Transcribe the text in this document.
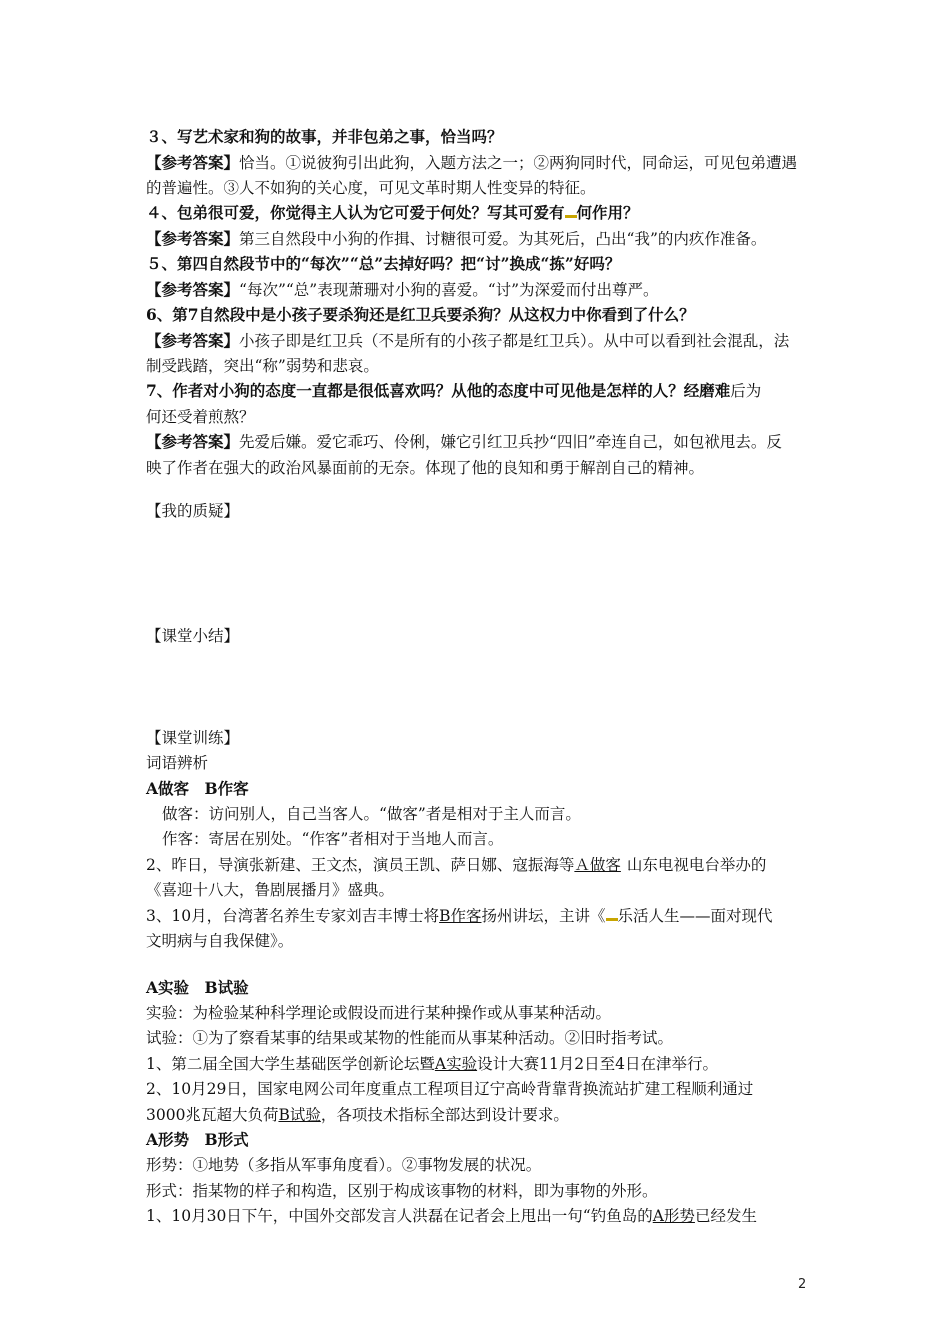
３、写艺术家和狗的故事，并非包弟之事，恰当吗？
【参考答案】恰当。①说彼狗引出此狗，入题方法之一；②两狗同时代，同命运，可见包弟遭遇
的普遍性。③人不如狗的关心度，可见文革时期人性变异的特征。
４、包弟很可爱，你觉得主人认为它可爱于何处？写其可爱有 何作用？
【参考答案】第三自然段中小狗的作揖、讨糖很可爱。为其死后，凸出“我”的内疚作准备。
５、第四自然段节中的“每次”“总”去掉好吗？把“讨”换成“拣”好吗？
【参考答案】“每次”“总”表现萧珊对小狗的喜爱。“讨”为深爱而付出尊严。
6、第7自然段中是小孩子要杀狗还是红卫兵要杀狗？从这权力中你看到了什么？
【参考答案】小孩子即是红卫兵（不是所有的小孩子都是红卫兵）。从中可以看到社会混乱，法
制受践踏，突出“称”弱势和悲哀。
7、作者对小狗的态度一直都是很低喜欢吗？从他的态度中可见他是怎样的人？经磨难后为
何还受着煎熬？
【参考答案】先爱后嫌。爱它乖巧、伶俐，嫌它引红卫兵抄“四旧”牵连自己，如包袱甩去。反
映了作者在强大的政治风暴面前的无奈。体现了他的良知和勇于解剖自己的精神。
【我的质疑】
【课堂小结】
【课堂训练】
词语辨析
A做客　B作客
做客：访问别人，自己当客人。“做客”者是相对于主人而言。
作客：寄居在别处。“作客”者相对于当地人而言。
2、昨日，导演张新建、王文杰，演员王凯、萨日娜、寇振海等Ａ做客 山东电视电台举办的
《喜迎十八大，鲁剧展播月》盛典。
3、10月，台湾著名养生专家刘吉丰博士将B作客扬州讲坛，主讲《 乐活人生——面对现代
文明病与自我保健》。
A实验　B试验
实验：为检验某种科学理论或假设而进行某种操作或从事某种活动。
试验：①为了察看某事的结果或某物的性能而从事某种活动。②旧时指考试。
1、第二届全国大学生基础医学创新论坛暨A实验设计大赛11月2日至4日在津举行。
2、10月29日，国家电网公司年度重点工程项目辽宁高岭背靠背换流站扩建工程顺利通过
3000兆瓦超大负荷B试验，各项技术指标全部达到设计要求。
A形势　B形式
形势：①地势（多指从军事角度看）。②事物发展的状况。
形式：指某物的样子和构造，区别于构成该事物的材料，即为事物的外形。
1、10月30日下午，中国外交部发言人洪磊在记者会上甩出一句“钓鱼岛的A形势已经发生
2
